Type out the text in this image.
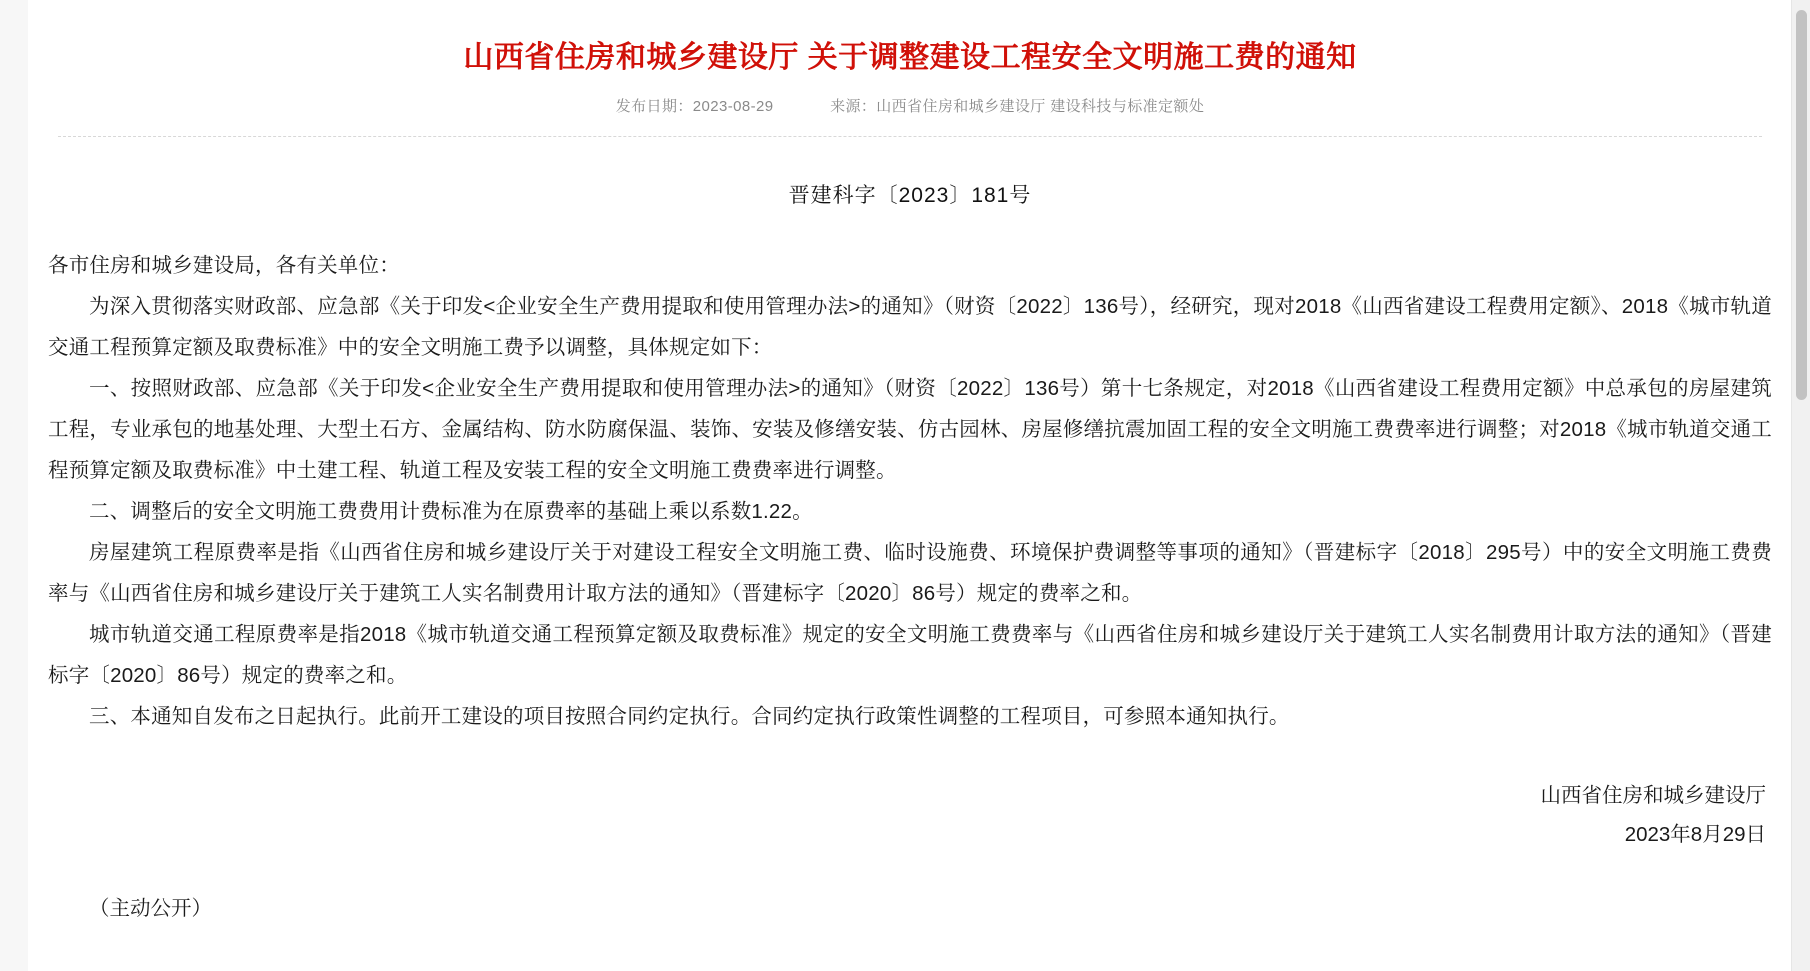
山西省住房和城乡建设厅 关于调整建设工程安全文明施工费的通知
发布日期：2023-08-29	来源：山西省住房和城乡建设厅 建设科技与标准定额处
晋建科字〔2023〕181号

各市住房和城乡建设局，各有关单位：

为深入贯彻落实财政部、应急部《关于印发<企业安全生产费用提取和使用管理办法>的通知》（财资〔2022〕136号），经研究，现对2018《山西省建设工程费用定额》、2018《城市轨道交通工程预算定额及取费标准》中的安全文明施工费予以调整，具体规定如下：

一、按照财政部、应急部《关于印发<企业安全生产费用提取和使用管理办法>的通知》（财资〔2022〕136号）第十七条规定，对2018《山西省建设工程费用定额》中总承包的房屋建筑工程，专业承包的地基处理、大型土石方、金属结构、防水防腐保温、装饰、安装及修缮安装、仿古园林、房屋修缮抗震加固工程的安全文明施工费费率进行调整；对2018《城市轨道交通工程预算定额及取费标准》中土建工程、轨道工程及安装工程的安全文明施工费费率进行调整。

二、调整后的安全文明施工费费用计费标准为在原费率的基础上乘以系数1.22。

房屋建筑工程原费率是指《山西省住房和城乡建设厅关于对建设工程安全文明施工费、临时设施费、环境保护费调整等事项的通知》（晋建标字〔2018〕295号）中的安全文明施工费费率与《山西省住房和城乡建设厅关于建筑工人实名制费用计取方法的通知》（晋建标字〔2020〕86号）规定的费率之和。

城市轨道交通工程原费率是指2018《城市轨道交通工程预算定额及取费标准》规定的安全文明施工费费率与《山西省住房和城乡建设厅关于建筑工人实名制费用计取方法的通知》（晋建标字〔2020〕86号）规定的费率之和。

三、本通知自发布之日起执行。此前开工建设的项目按照合同约定执行。合同约定执行政策性调整的工程项目，可参照本通知执行。

山西省住房和城乡建设厅
2023年8月29日
（主动公开）
